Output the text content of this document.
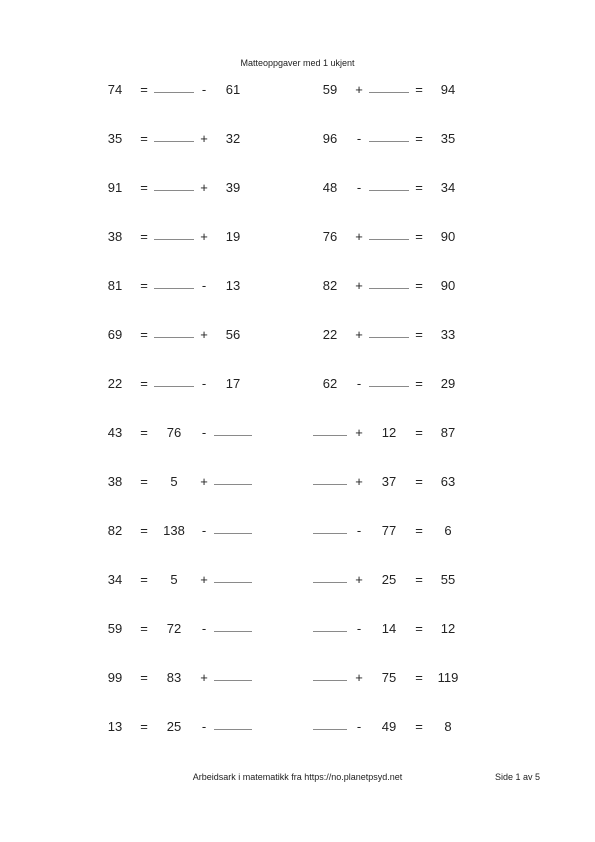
Matteoppgaver med 1 ukjent
74	=	-	61
35	=	+	32
91	=	+	39
38	=	+	19
81	=	-	13
69	=	+	56
22	=	-	17
43	=	76	-
38	=	5	+
82	=	138	-
34	=	5	+
59	=	72	-
99	=	83	+
13	=	25	-
59	+	=	94
96	-	=	35
48	-	=	34
76	+	=	90
82	+	=	90
22	+	=	33
62	-	=	29
+	12	=	87
+	37	=	63
-	77	=	6
+	25	=	55
-	14	=	12
+	75	=	119
-	49	=	8
Arbeidsark i matematikk fra https://no.planetpsyd.net	Side 1 av 5
